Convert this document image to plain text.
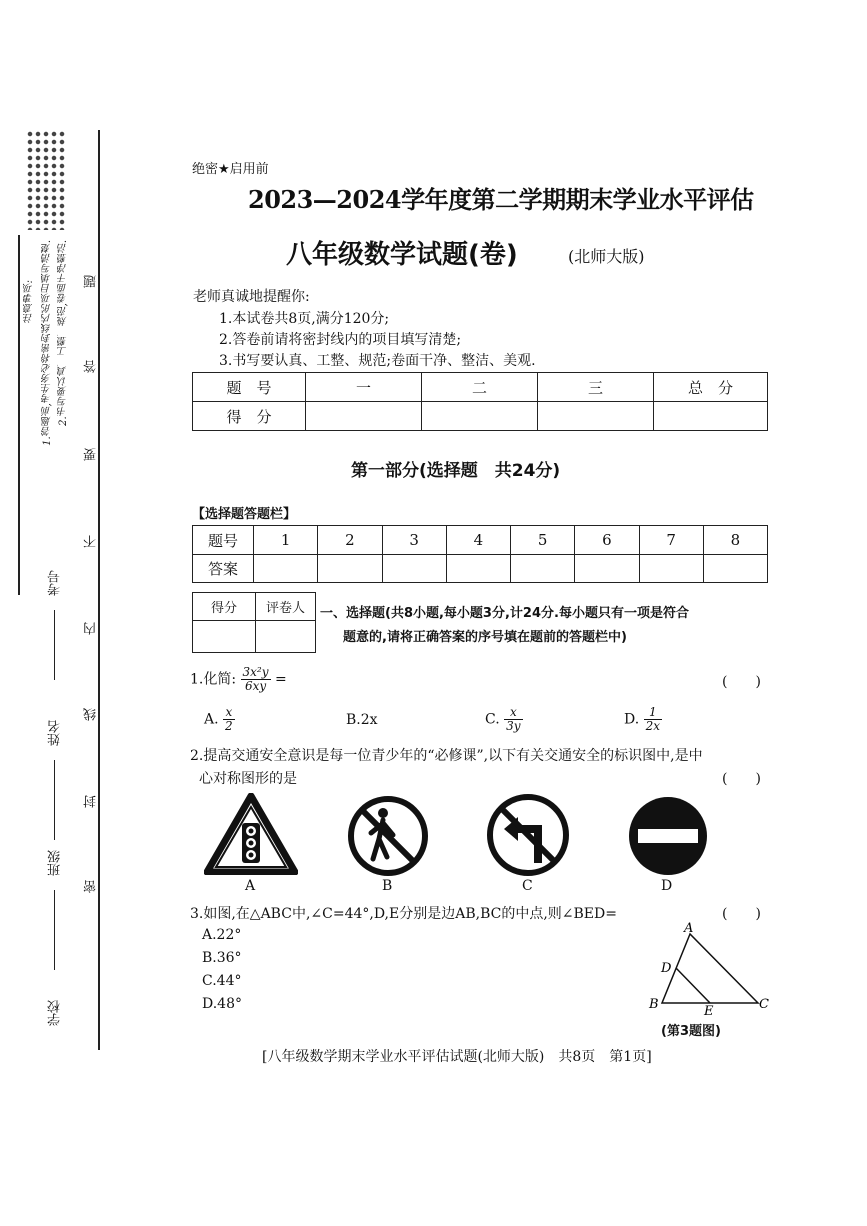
注意事项: 1.答题前,考生务必将密封线内的项目填写清楚. 2.书写要认真、工整、规范,卷面干净整洁. 题
答
要
不
内
线
封
密
考号
姓名
班级
学校
绝密★启用前
2023—2024学年度第二学期期末学业水平评估
八年级数学试题(卷)	(北师大版)
老师真诚地提醒你:
1.本试卷共8页,满分120分;
2.答卷前请将密封线内的项目填写清楚;
3.书写要认真、工整、规范;卷面干净、整洁、美观.
题　号	一	二	三	总　分
得　分				
第一部分(选择题　共24分)
【选择题答题栏】
题号	1	2	3	4	5	6	7	8
答案								
得分	评卷人
	一、选择题(共8小题,每小题3分,计24分.每小题只有一项是符合
题意的,请将正确答案的序号填在题前的答题栏中)
1.化简: $\frac{\text{3x²y}}{6xy}$ =	(　　)
A. $\frac{x}{2}$	B.2x	C. $\frac{x}{3y}$	D. $\frac{1}{2x}$
2.提高交通安全意识是每一位青少年的“必修课”,以下有关交通安全的标识图中,是中
心对称图形的是	(　　)
A	B	C	D
3.如图,在△ABC中,∠C=44°,D,E分别是边AB,BC的中点,则∠BED=	(　　)
A.22°
B.36°
C.44°
D.48°
A
D
B	E	C
(第3题图)
[八年级数学期末学业水平评估试题(北师大版)　共8页　第1页]
